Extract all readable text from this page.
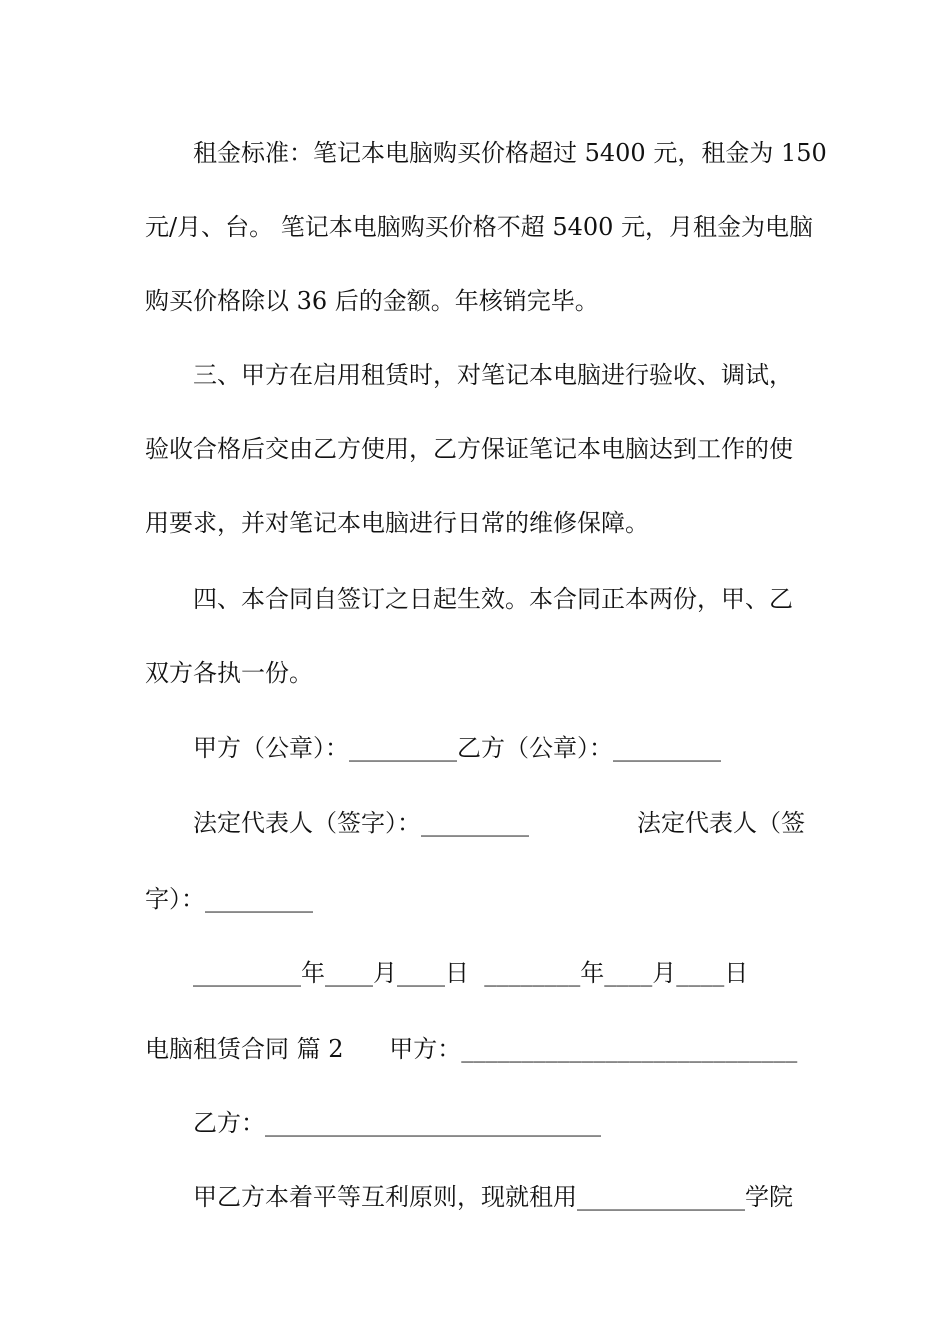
租金标准：笔记本电脑购买价格超过 5400 元，租金为 150
元/月、台。 笔记本电脑购买价格不超 5400 元，月租金为电脑
购买价格除以 36 后的金额。年核销完毕。
三、甲方在启用租赁时，对笔记本电脑进行验收、调试，
验收合格后交由乙方使用，乙方保证笔记本电脑达到工作的使
用要求，并对笔记本电脑进行日常的维修保障。
四、本合同自签订之日起生效。本合同正本两份，甲、乙
双方各执一份。
甲方（公章）：_________乙方（公章）：_________
法定代表人（签字）：_________	法定代表人（签
字）：_________
_________年____月____日  ________年____月____日
电脑租赁合同 篇 2      甲方：____________________________
乙方：____________________________
甲乙方本着平等互利原则，现就租用______________学院
